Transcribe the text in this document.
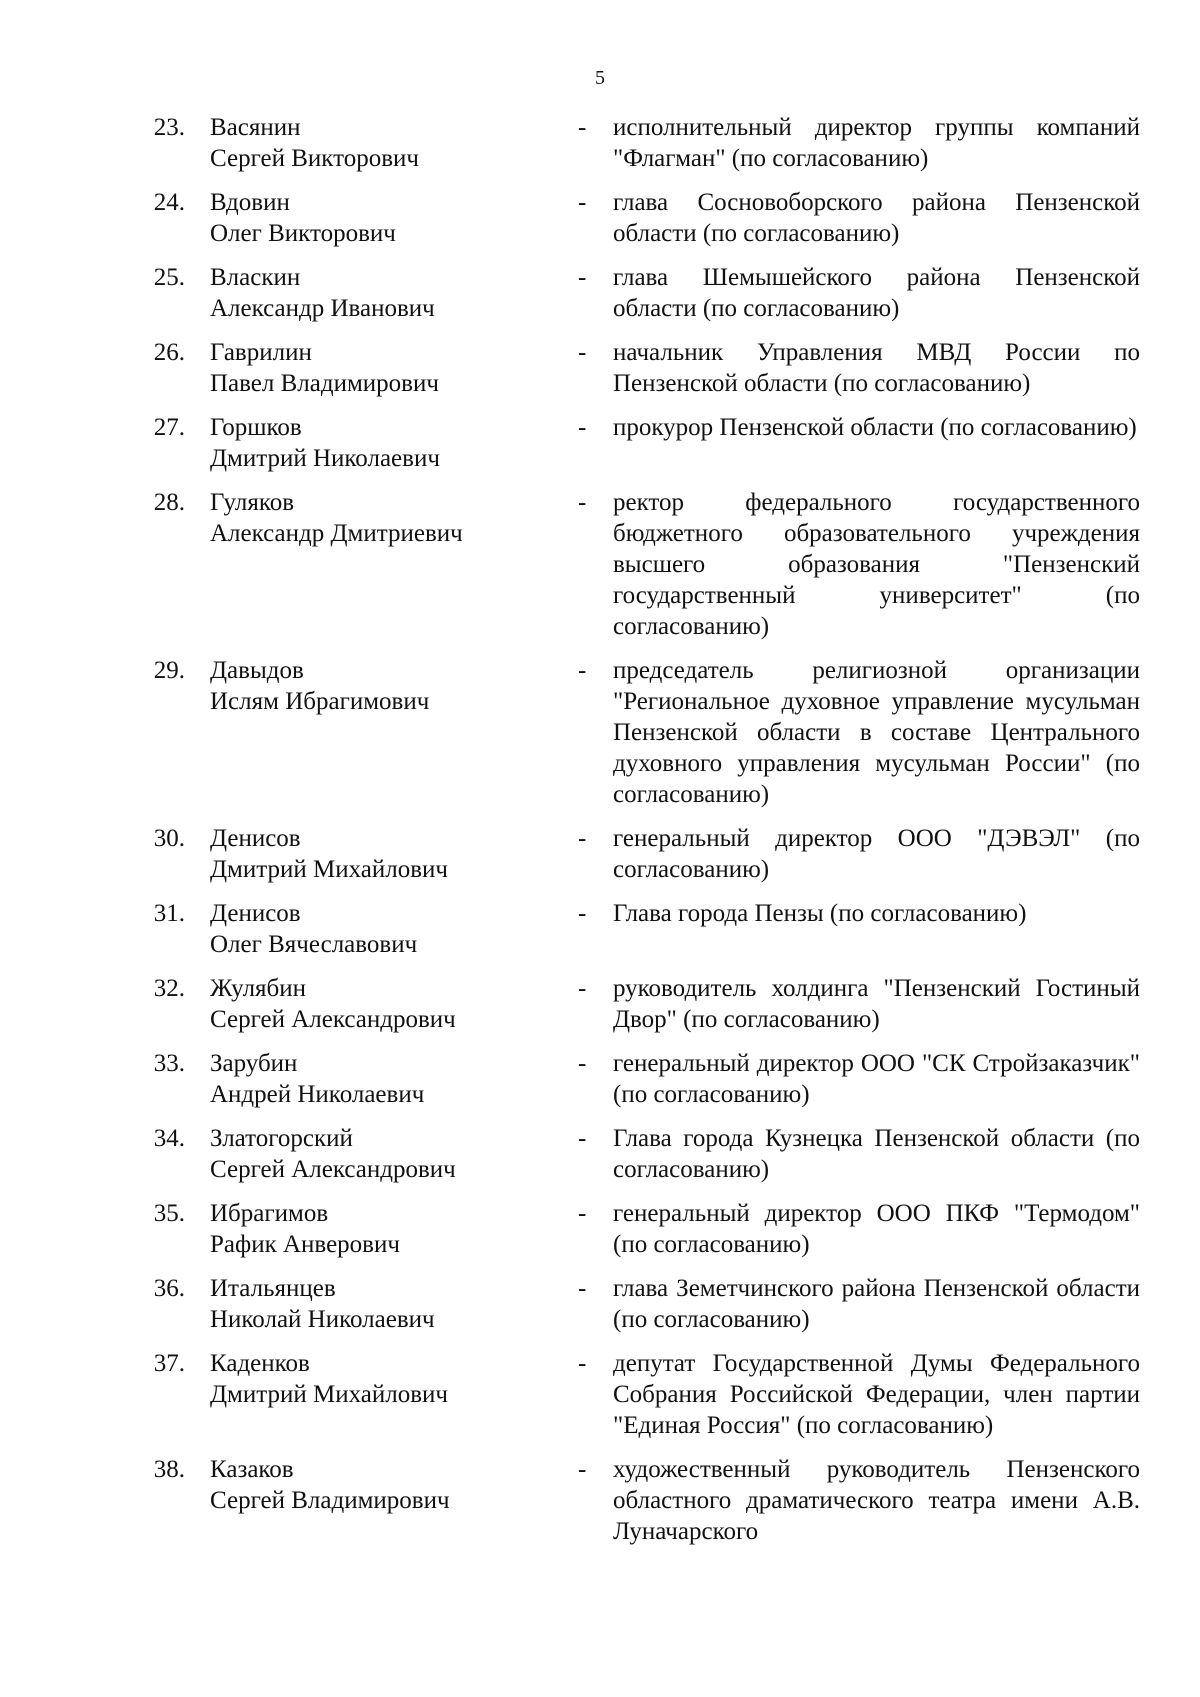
5
23.	Васянин
Сергей Викторович
-	исполнительный директор группы компаний "Флагман" (по согласованию)
24.	Вдовин
Олег Викторович
-	глава Сосновоборского района Пензенской области (по согласованию)
25.	Власкин
Александр Иванович
-	глава Шемышейского района Пензенской области (по согласованию)
26.	Гаврилин
Павел Владимирович
-	начальник Управления МВД России по Пензенской области (по согласованию)
27.	Горшков
Дмитрий Николаевич
-	прокурор Пензенской области (по согласованию)
28.	Гуляков
Александр Дмитриевич
-	ректор федерального государственного бюджетного образовательного учреждения высшего образования "Пензенский государственный университет" (по согласованию)
29.	Давыдов
Ислям Ибрагимович
-	председатель религиозной организации "Региональное духовное управление мусульман Пензенской области в составе Центрального духовного управления мусульман России" (по согласованию)
30.	Денисов
Дмитрий Михайлович
-	генеральный директор ООО "ДЭВЭЛ" (по согласованию)
31.	Денисов
Олег Вячеславович
-	Глава города Пензы (по согласованию)
32.	Жулябин
Сергей Александрович
-	руководитель холдинга "Пензенский Гостиный Двор" (по согласованию)
33.	Зарубин
Андрей Николаевич
-	генеральный директор ООО "СК Стройзаказчик" (по согласованию)
34.	Златогорский
Сергей Александрович
-	Глава города Кузнецка Пензенской области (по согласованию)
35.	Ибрагимов
Рафик Анверович
-	генеральный директор ООО ПКФ "Термодом" (по согласованию)
36.	Итальянцев
Николай Николаевич
-	глава Земетчинского района Пензенской области (по согласованию)
37.	Каденков
Дмитрий Михайлович
-	депутат Государственной Думы Федерального Собрания Российской Федерации, член партии "Единая Россия" (по согласованию)
38.	Казаков
Сергей Владимирович
-	художественный руководитель Пензенского областного драматического театра имени А.В. Луначарского
